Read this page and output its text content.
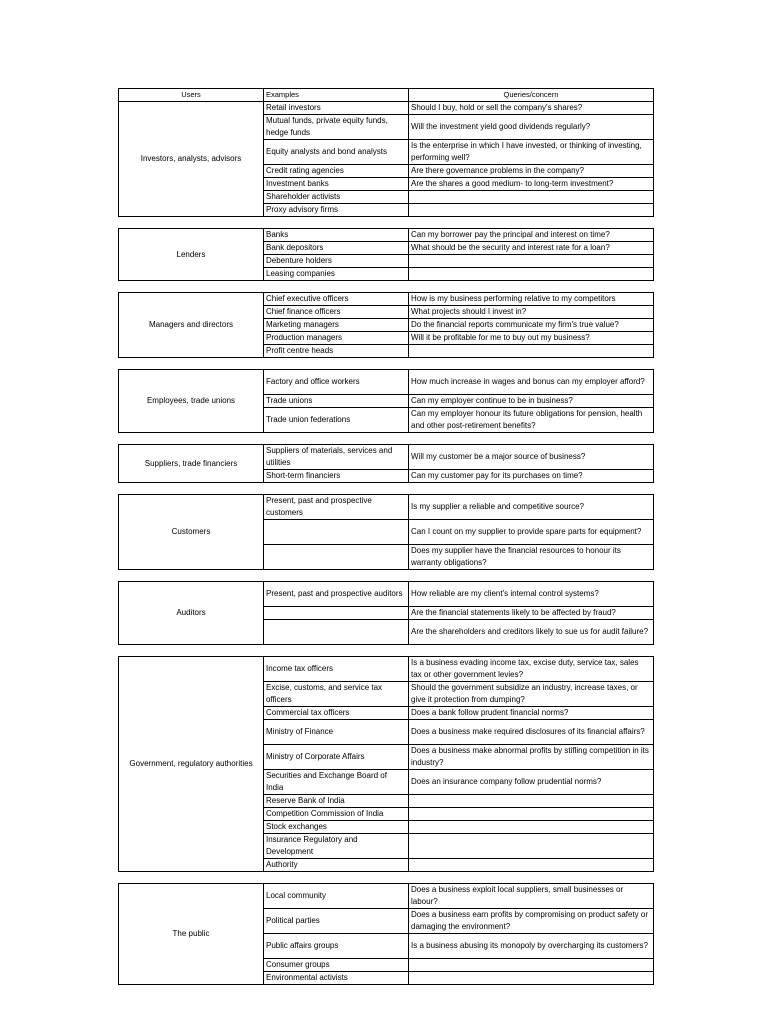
Users	Examples	Queries/concern
Investors, analysts, advisors	Retail investors	Should I buy, hold or sell the company's shares?
	Mutual funds, private equity funds, hedge funds	Will the investment yield good dividends regularly?
	Equity analysts and bond analysts	Is the enterprise in which I have invested, or thinking of investing, performing well?
	Credit rating agencies	Are there governance problems in the company?
	Investment banks	Are the shares a good medium- to long-term investment?
	Shareholder activists	
	Proxy advisory firms	

Lenders	Banks	Can my borrower pay the principal and interest on time?
	Bank depositors	What should be the security and interest rate for a loan?
	Debenture holders	
	Leasing companies	

Managers and directors	Chief executive officers	How is my business performing relative to my competitors
	Chief finance officers	What projects should I invest in?
	Marketing managers	Do the financial reports communicate my firm's true value?
	Production managers	Will it be profitable for me to buy out my business?
	Profit centre heads	

Employees, trade unions	Factory and office workers	How much increase in wages and bonus can my employer afford?
	Trade unions	Can my employer continue to be in business?
	Trade union federations	Can my employer honour its future obligations for pension, health and other post-retirement benefits?

Suppliers, trade financiers	Suppliers of materials, services and utilities	Will my customer be a major source of business?
	Short-term financiers	Can my customer pay for its purchases on time?

Customers	Present, past and prospective customers	Is my supplier a reliable and competitive source?
		Can I count on my supplier to provide spare parts for equipment?
		Does my supplier have the financial resources to honour its warranty obligations?

Auditors	Present, past and prospective auditors	How reliable are my client's internal control systems?
		Are the financial statements likely to be affected by fraud?
		Are the shareholders and creditors likely to sue us for audit failure?

Government, regulatory authorities	Income tax officers	Is a business evading income tax, excise duty, service tax, sales tax or other government levies?
	Excise, customs, and service tax officers	Should the government subsidize an industry, increase taxes, or give it protection from dumping?
	Commercial tax officers	Does a bank follow prudent financial norms?
	Ministry of Finance	Does a business make required disclosures of its financial affairs?
	Ministry of Corporate Affairs	Does a business make abnormal profits by stifling competition in its industry?
	Securities and Exchange Board of India	Does an insurance company follow prudential norms?
	Reserve Bank of India	
	Competition Commission of India	
	Stock exchanges	
	Insurance Regulatory and Development	
	Authority	

The public	Local community	Does a business exploit local suppliers, small businesses or labour?
	Political parties	Does a business earn profits by compromising on product safety or damaging the environment?
	Public affairs groups	Is a business abusing its monopoly by overcharging its customers?
	Consumer groups	
	Environmental activists	
